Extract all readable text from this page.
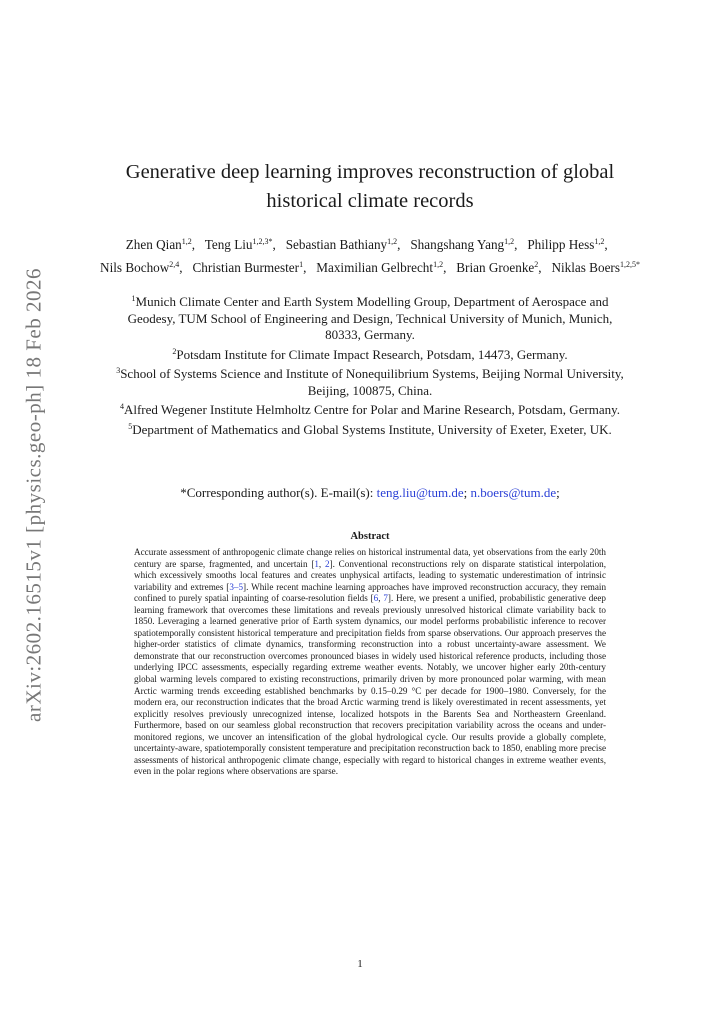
arXiv:2602.16515v1 [physics.geo-ph] 18 Feb 2026
Generative deep learning improves reconstruction of global historical climate records
Zhen Qian$^{1,2}$,  Teng Liu$^{1,2,3*}$,  Sebastian Bathiany$^{1,2}$,  Shangshang Yang$^{1,2}$,  Philipp Hess$^{1,2}$,  Nils Bochow$^{2,4}$,  Christian Burmester$^1$,  Maximilian Gelbrecht$^{1,2}$,  Brian Groenke$^2$,  Niklas Boers$^{1,2,5*}$

$^1$Munich Climate Center and Earth System Modelling Group, Department of Aerospace and Geodesy, TUM School of Engineering and Design, Technical University of Munich, Munich, 80333, Germany.

$^2$Potsdam Institute for Climate Impact Research, Potsdam, 14473, Germany.

$^3$School of Systems Science and Institute of Nonequilibrium Systems, Beijing Normal University, Beijing, 100875, China.

$^4$Alfred Wegener Institute Helmholtz Centre for Polar and Marine Research, Potsdam, Germany.

$^5$Department of Mathematics and Global Systems Institute, University of Exeter, Exeter, UK.

*Corresponding author(s). E-mail(s): teng.liu@tum.de; n.boers@tum.de;
Abstract
Accurate assessment of anthropogenic climate change relies on historical instrumental data, yet observations from the early 20th century are sparse, fragmented, and uncertain [1, 2]. Conventional reconstructions rely on disparate statistical interpolation, which excessively smooths local features and creates unphysical artifacts, leading to systematic underestimation of intrinsic variability and extremes [3–5]. While recent machine learning approaches have improved reconstruction accuracy, they remain confined to purely spatial inpainting of coarse-resolution fields [6, 7]. Here, we present a unified, probabilistic generative deep learning framework that overcomes these limitations and reveals previously unresolved historical climate variability back to 1850. Leveraging a learned generative prior of Earth system dynamics, our model performs probabilistic inference to recover spatiotemporally consistent historical temperature and precipitation fields from sparse observations. Our approach preserves the higher-order statistics of climate dynamics, transforming reconstruction into a robust uncertainty-aware assessment. We demonstrate that our reconstruction overcomes pronounced biases in widely used historical reference products, including those underlying IPCC assessments, especially regarding extreme weather events. Notably, we uncover higher early 20th-century global warming levels compared to existing reconstructions, primarily driven by more pronounced polar warming, with mean Arctic warming trends exceeding established benchmarks by 0.15–0.29 °C per decade for 1900–1980. Conversely, for the modern era, our reconstruction indicates that the broad Arctic warming trend is likely overestimated in recent assessments, yet explicitly resolves previously unrecognized intense, localized hotspots in the Barents Sea and Northeastern Greenland. Furthermore, based on our seamless global reconstruction that recovers precipitation variability across the oceans and under-monitored regions, we uncover an intensification of the global hydrological cycle. Our results provide a globally complete, uncertainty-aware, spatiotemporally consistent temperature and precipitation reconstruction back to 1850, enabling more precise assessments of historical anthropogenic climate change, especially with regard to historical changes in extreme weather events, even in the polar regions where observations are sparse.
1
